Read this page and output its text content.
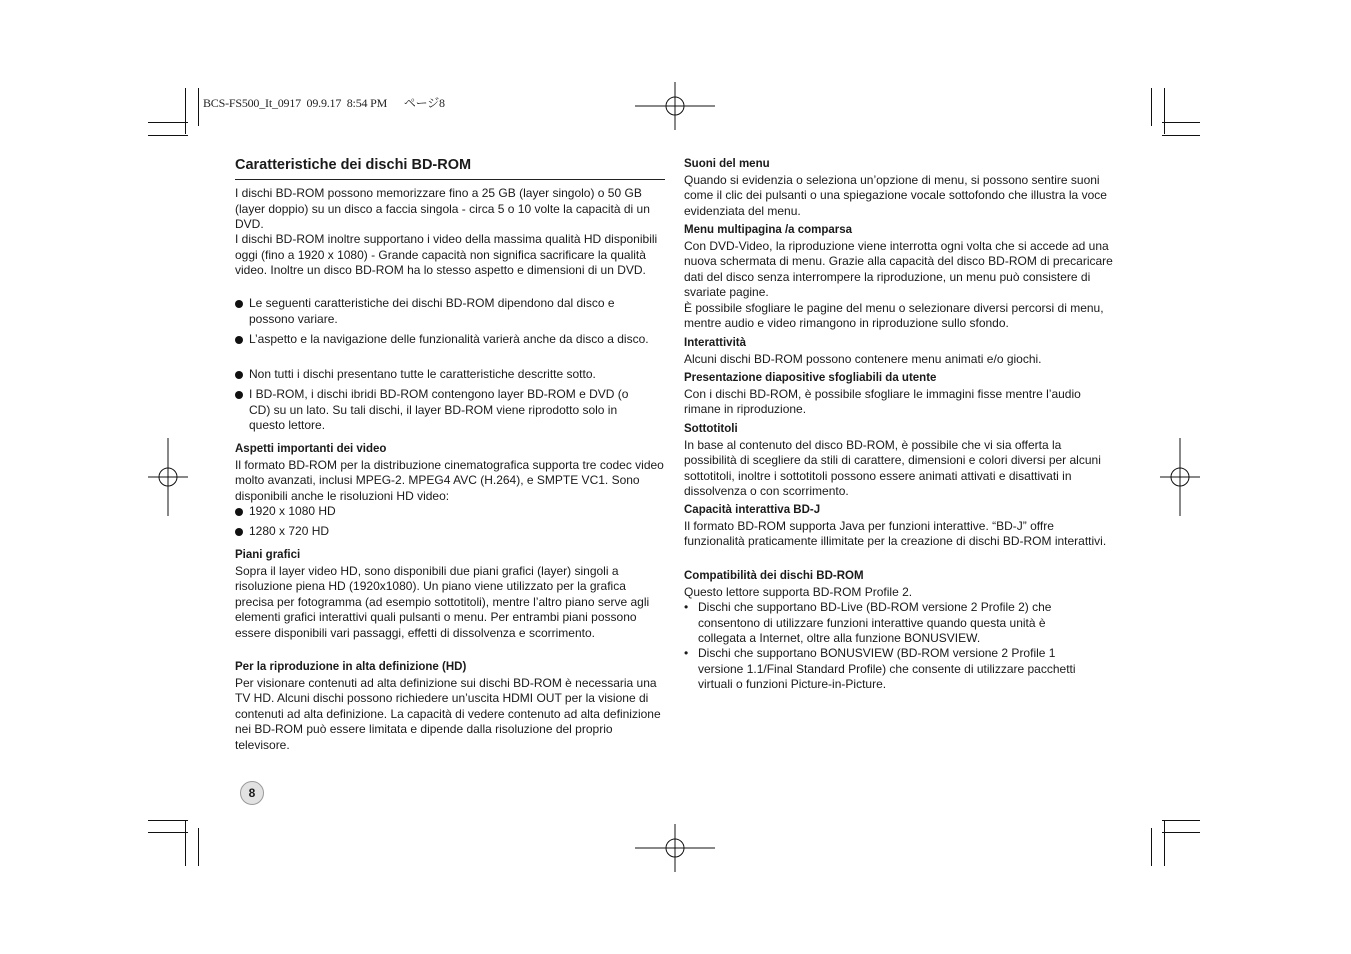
BCS-FS500_It_0917  09.9.17  8:54 PM      ページ8
Caratteristiche dei dischi BD-ROM

I dischi BD-ROM possono memorizzare fino a 25 GB (layer singolo) o 50 GB (layer doppio) su un disco a faccia singola - circa 5 o 10 volte la capacità di un DVD.

I dischi BD-ROM inoltre supportano i video della massima qualità HD disponibili oggi (fino a 1920 x 1080) - Grande capacità non significa sacrificare la qualità video. Inoltre un disco BD-ROM ha lo stesso aspetto e dimensioni di un DVD.

Le seguenti caratteristiche dei dischi BD-ROM dipendono dal disco e possono variare.
L’aspetto e la navigazione delle funzionalità varierà anche da disco a disco.
Non tutti i dischi presentano tutte le caratteristiche descritte sotto.
I BD-ROM, i dischi ibridi BD-ROM contengono layer BD-ROM e DVD (o CD) su un lato. Su tali dischi, il layer BD-ROM viene riprodotto solo in questo lettore.

Aspetti importanti dei video

Il formato BD-ROM per la distribuzione cinematografica supporta tre codec video molto avanzati, inclusi MPEG-2. MPEG4 AVC (H.264), e SMPTE VC1. Sono disponibili anche le risoluzioni HD video:

1920 x 1080 HD
1280 x 720 HD

Piani grafici

Sopra il layer video HD, sono disponibili due piani grafici (layer) singoli a risoluzione piena HD (1920x1080). Un piano viene utilizzato per la grafica precisa per fotogramma (ad esempio sottotitoli), mentre l’altro piano serve agli elementi grafici interattivi quali pulsanti o menu. Per entrambi piani possono essere disponibili vari passaggi, effetti di dissolvenza e scorrimento.

Per la riproduzione in alta definizione (HD)

Per visionare contenuti ad alta definizione sui dischi BD-ROM è necessaria una TV HD. Alcuni dischi possono richiedere un’uscita HDMI OUT per la visione di contenuti ad alta definizione. La capacità di vedere contenuto ad alta definizione nei BD-ROM può essere limitata e dipende dalla risoluzione del proprio televisore.

8

Suoni del menu

Quando si evidenzia o seleziona un’opzione di menu, si possono sentire suoni come il clic dei pulsanti o una spiegazione vocale sottofondo che illustra la voce evidenziata del menu.

Menu multipagina /a comparsa

Con DVD-Video, la riproduzione viene interrotta ogni volta che si accede ad una nuova schermata di menu. Grazie alla capacità del disco BD-ROM di precaricare dati del disco senza interrompere la riproduzione, un menu può consistere di svariate pagine.

È possibile sfogliare le pagine del menu o selezionare diversi percorsi di menu, mentre audio e video rimangono in riproduzione sullo sfondo.

Interattività

Alcuni dischi BD-ROM possono contenere menu animati e/o giochi.

Presentazione diapositive sfogliabili da utente

Con i dischi BD-ROM, è possibile sfogliare le immagini fisse mentre l’audio rimane in riproduzione.

Sottotitoli

In base al contenuto del disco BD-ROM, è possibile che vi sia offerta la possibilità di scegliere da stili di carattere, dimensioni e colori diversi per alcuni sottotitoli, inoltre i sottotitoli possono essere animati attivati e disattivati in dissolvenza o con scorrimento.

Capacità interattiva BD-J

Il formato BD-ROM supporta Java per funzioni interattive. “BD-J” offre funzionalità praticamente illimitate per la creazione di dischi BD-ROM interattivi.

Compatibilità dei dischi BD-ROM

Questo lettore supporta BD-ROM Profile 2.

• Dischi che supportano BD-Live (BD-ROM versione 2 Profile 2) che consentono di utilizzare funzioni interattive quando questa unità è collegata a Internet, oltre alla funzione BONUSVIEW.
• Dischi che supportano BONUSVIEW (BD-ROM versione 2 Profile 1 versione 1.1/Final Standard Profile) che consente di utilizzare pacchetti virtuali o funzioni Picture-in-Picture.
